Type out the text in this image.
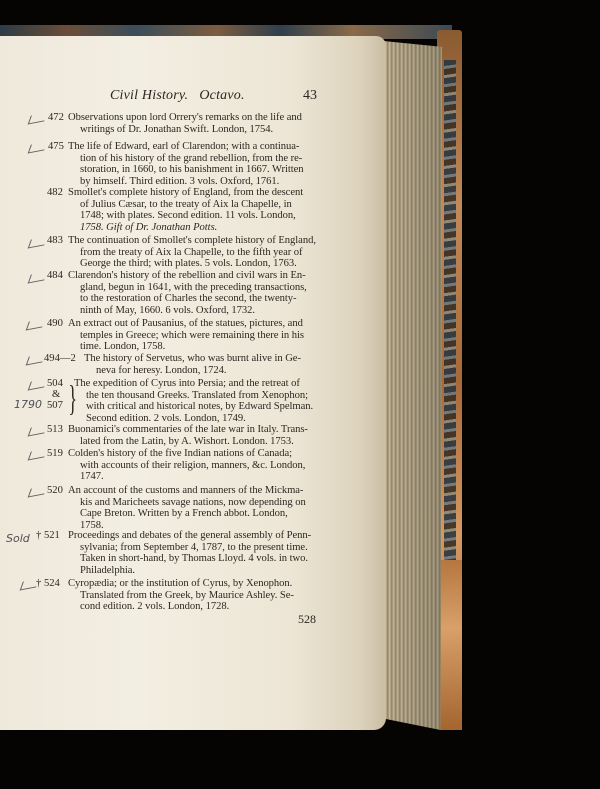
Civil History. Octavo.	43
472
475
482
483
484
490
494—2
504
&
507
513
519
520
† 521
† 524
}
Observations upon lord Orrery's remarks on the life and
writings of Dr. Jonathan Swift. London, 1754.
The life of Edward, earl of Clarendon; with a continua-
tion of his history of the grand rebellion, from the re-
storation, in 1660, to his banishment in 1667. Written
by himself. Third edition. 3 vols. Oxford, 1761.
Smollet's complete history of England, from the descent
of Julius Cæsar, to the treaty of Aix la Chapelle, in
1748; with plates. Second edition. 11 vols. London,
1758. Gift of Dr. Jonathan Potts.
The continuation of Smollet's complete history of England,
from the treaty of Aix la Chapelle, to the fifth year of
George the third; with plates. 5 vols. London, 1763.
Clarendon's history of the rebellion and civil wars in En-
gland, begun in 1641, with the preceding transactions,
to the restoration of Charles the second, the twenty-
ninth of May, 1660. 6 vols. Oxford, 1732.
An extract out of Pausanius, of the statues, pictures, and
temples in Greece; which were remaining there in his
time. London, 1758.
The history of Servetus, who was burnt alive in Ge-
neva for heresy. London, 1724.
The expedition of Cyrus into Persia; and the retreat of
the ten thousand Greeks. Translated from Xenophon;
with critical and historical notes, by Edward Spelman.
Second edition. 2 vols. London, 1749.
Buonamici's commentaries of the late war in Italy. Trans-
lated from the Latin, by A. Wishort. London. 1753.
Colden's history of the five Indian nations of Canada;
with accounts of their religion, manners, &c. London,
1747.
An account of the customs and manners of the Mickma-
kis and Maricheets savage nations, now depending on
Cape Breton. Written by a French abbot. London,
1758.
Proceedings and debates of the general assembly of Penn-
sylvania; from September 4, 1787, to the present time.
Taken in short-hand, by Thomas Lloyd. 4 vols. in two.
Philadelphia.
Cyropædia; or the institution of Cyrus, by Xenophon.
Translated from the Greek, by Maurice Ashley. Se-
cond edition. 2 vols. London, 1728.
1790
Sold
528
